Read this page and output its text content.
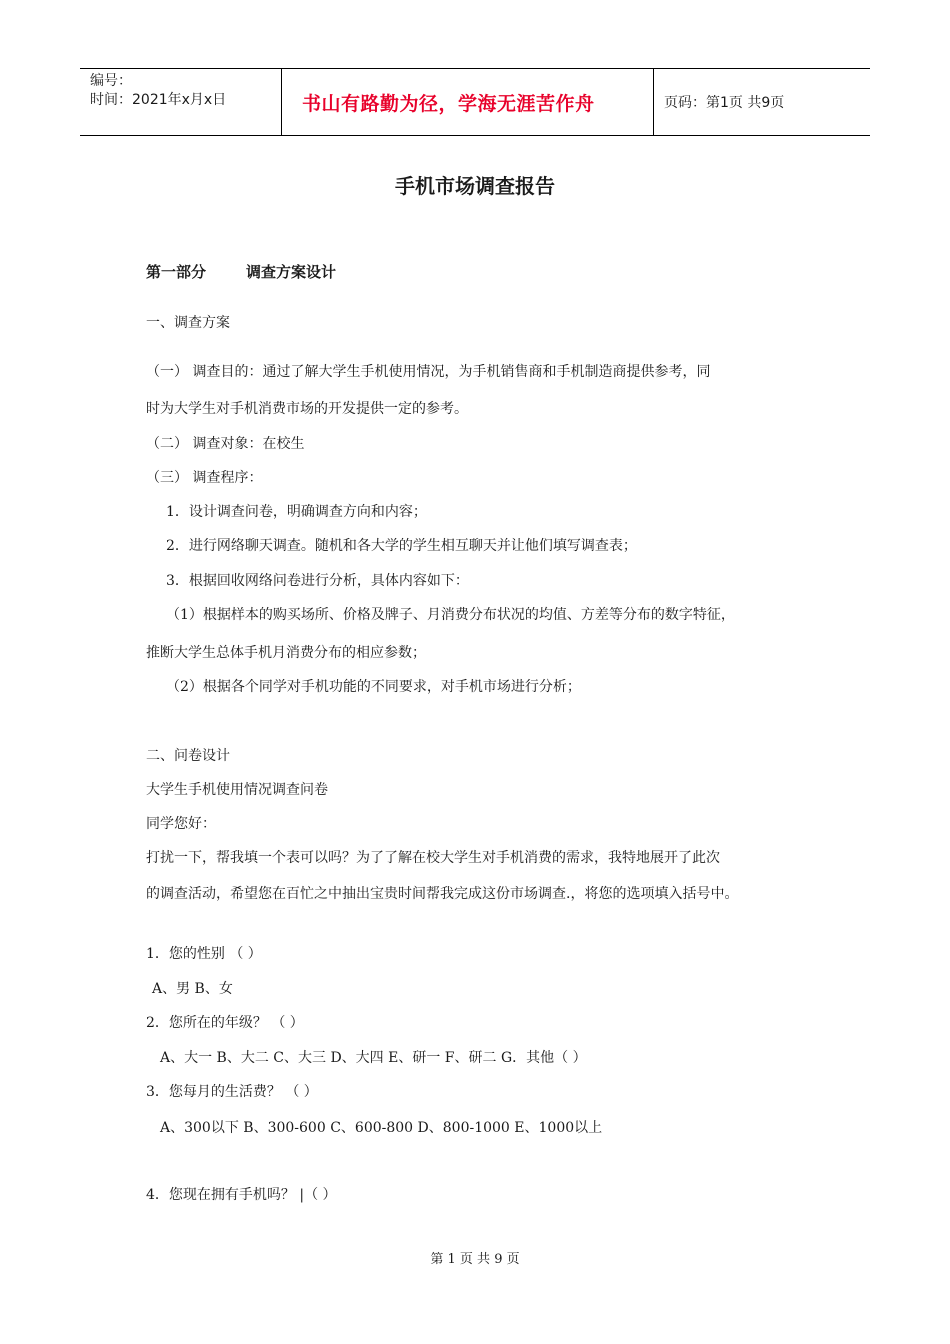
编号：
时间：2021年x月x日	书山有路勤为径，学海无涯苦作舟	页码：第1页 共9页
手机市场调查报告
第一部分	调查方案设计
一、调查方案
（一） 调查目的：通过了解大学生手机使用情况，为手机销售商和手机制造商提供参考，同
时为大学生对手机消费市场的开发提供一定的参考。
（二） 调查对象：在校生
（三） 调查程序：
1．设计调查问卷，明确调查方向和内容；
2．进行网络聊天调查。随机和各大学的学生相互聊天并让他们填写调查表；
3．根据回收网络问卷进行分析，具体内容如下：
（1）根据样本的购买场所、价格及牌子、月消费分布状况的均值、方差等分布的数字特征，
推断大学生总体手机月消费分布的相应参数；
（2）根据各个同学对手机功能的不同要求，对手机市场进行分析；
二、问卷设计
大学生手机使用情况调查问卷
同学您好：
打扰一下，帮我填一个表可以吗？为了了解在校大学生对手机消费的需求，我特地展开了此次
的调查活动，希望您在百忙之中抽出宝贵时间帮我完成这份市场调查.，将您的选项填入括号中。
1．您的性别 （ ）
A、男 B、女
2．您所在的年级？ （ ）
A、大一 B、大二 C、大三 D、大四 E、研一 F、研二 G．其他（ ）
3．您每月的生活费？ （ ）
A、300以下 B、300-600 C、600-800 D、800-1000 E、1000以上
4．您现在拥有手机吗？ |（ ）
第 1 页 共 9 页
